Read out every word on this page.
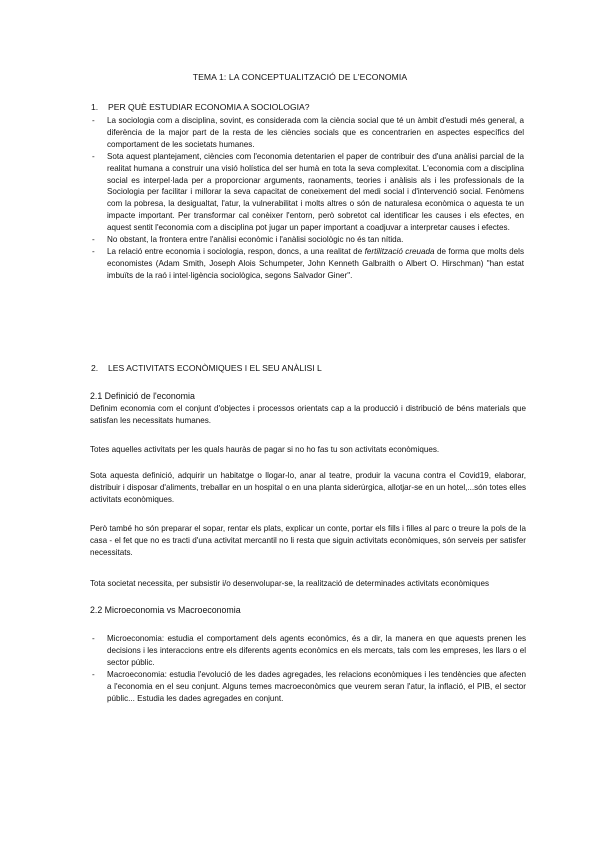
TEMA 1: LA CONCEPTUALITZACIÓ DE L'ECONOMIA
1. PER QUÈ ESTUDIAR ECONOMIA A SOCIOLOGIA?
- La sociologia com a disciplina, sovint, es considerada com la ciència social que té un àmbit d'estudi més general, a diferència de la major part de la resta de les ciències socials que es concentrarien en aspectes específics del comportament de les societats humanes.
- Sota aquest plantejament, ciències com l'economia detentarien el paper de contribuir des d'una anàlisi parcial de la realitat humana a construir una visió holística del ser humà en tota la seva complexitat. L'economia com a disciplina social es interpel·lada per a proporcionar arguments, raonaments, teories i anàlisis als i les professionals de la Sociologia per facilitar i millorar la seva capacitat de coneixement del medi social i d'intervenció social. Fenòmens com la pobresa, la desigualtat, l'atur, la vulnerabilitat i molts altres o són de naturalesa econòmica o aquesta te un impacte important. Per transformar cal conèixer l'entorn, però sobretot cal identificar les causes i els efectes, en aquest sentit l'economia com a disciplina pot jugar un paper important a coadjuvar a interpretar causes i efectes.
- No obstant, la frontera entre l'anàlisi econòmic i l'anàlisi sociològic no és tan nítida.
- La relació entre economia i sociologia, respon, doncs, a una realitat de fertilització creuada de forma que molts dels economistes (Adam Smith, Joseph Alois Schumpeter, John Kenneth Galbraith o Albert O. Hirschman) "han estat imbuïts de la raó i intel·ligència sociològica, segons Salvador Giner".
2. LES ACTIVITATS ECONÒMIQUES I EL SEU ANÀLISI L
2.1 Definició de l'economia

Definim economia com el conjunt d'objectes i processos orientats cap a la producció i distribució de béns materials que satisfan les necessitats humanes.

Totes aquelles activitats per les quals hauràs de pagar si no ho fas tu son activitats econòmiques.

Sota aquesta definició, adquirir un habitatge o llogar-lo, anar al teatre, produir la vacuna contra el Covid19, elaborar, distribuir i disposar d'aliments, treballar en un hospital o en una planta siderúrgica, allotjar-se en un hotel,...són totes elles activitats econòmiques.

Però també ho són preparar el sopar, rentar els plats, explicar un conte, portar els fills i filles al parc o treure la pols de la casa - el fet que no es tracti d'una activitat mercantil no li resta que siguin activitats econòmiques, són serveis per satisfer necessitats.

Tota societat necessita, per subsistir i/o desenvolupar-se, la realització de determinades activitats econòmiques

2.2 Microeconomia vs Macroeconomia
- Microeconomia: estudia el comportament dels agents econòmics, és a dir, la manera en que aquests prenen les decisions i les interaccions entre els diferents agents econòmics en els mercats, tals com les empreses, les llars o el sector públic.
- Macroeconomia: estudia l'evolució de les dades agregades, les relacions econòmiques i les tendències que afecten a l'economia en el seu conjunt. Alguns temes macroeconòmics que veurem seran l'atur, la inflació, el PIB, el sector públic... Estudia les dades agregades en conjunt.
